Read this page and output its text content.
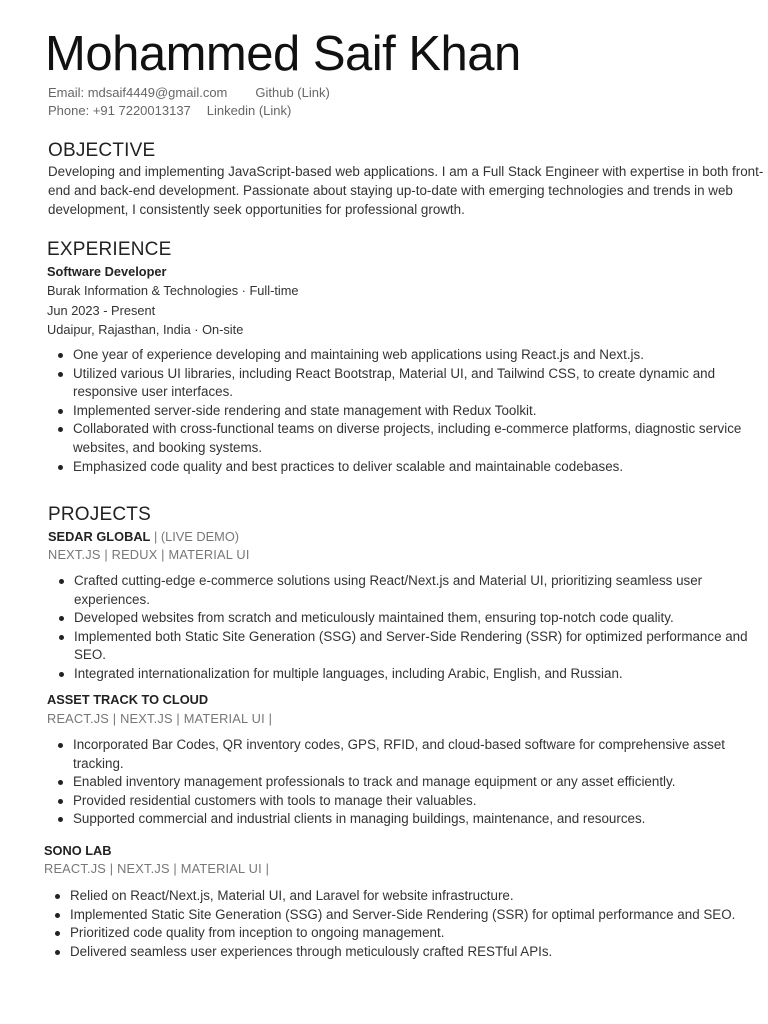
Mohammed Saif Khan
Email: mdsaif4449@gmail.com Github (Link)
Phone: +91 7220013137 Linkedin (Link)
OBJECTIVE
Developing and implementing JavaScript-based web applications. I am a Full Stack Engineer with expertise in both front-end and back-end development. Passionate about staying up-to-date with emerging technologies and trends in web development, I consistently seek opportunities for professional growth.
EXPERIENCE
Software Developer
Burak Information & Technologies · Full-time
Jun 2023 - Present
Udaipur, Rajasthan, India · On-site
One year of experience developing and maintaining web applications using React.js and Next.js.
Utilized various UI libraries, including React Bootstrap, Material UI, and Tailwind CSS, to create dynamic and responsive user interfaces.
Implemented server-side rendering and state management with Redux Toolkit.
Collaborated with cross-functional teams on diverse projects, including e-commerce platforms, diagnostic service websites, and booking systems.
Emphasized code quality and best practices to deliver scalable and maintainable codebases.
PROJECTS
SEDAR GLOBAL | (LIVE DEMO)
NEXT.JS | REDUX | MATERIAL UI
Crafted cutting-edge e-commerce solutions using React/Next.js and Material UI, prioritizing seamless user experiences.
Developed websites from scratch and meticulously maintained them, ensuring top-notch code quality.
Implemented both Static Site Generation (SSG) and Server-Side Rendering (SSR) for optimized performance and SEO.
Integrated internationalization for multiple languages, including Arabic, English, and Russian.
ASSET TRACK TO CLOUD
REACT.JS | NEXT.JS | MATERIAL UI |
Incorporated Bar Codes, QR inventory codes, GPS, RFID, and cloud-based software for comprehensive asset tracking.
Enabled inventory management professionals to track and manage equipment or any asset efficiently.
Provided residential customers with tools to manage their valuables.
Supported commercial and industrial clients in managing buildings, maintenance, and resources.
SONO LAB
REACT.JS | NEXT.JS | MATERIAL UI |
Relied on React/Next.js, Material UI, and Laravel for website infrastructure.
Implemented Static Site Generation (SSG) and Server-Side Rendering (SSR) for optimal performance and SEO.
Prioritized code quality from inception to ongoing management.
Delivered seamless user experiences through meticulously crafted RESTful APIs.
